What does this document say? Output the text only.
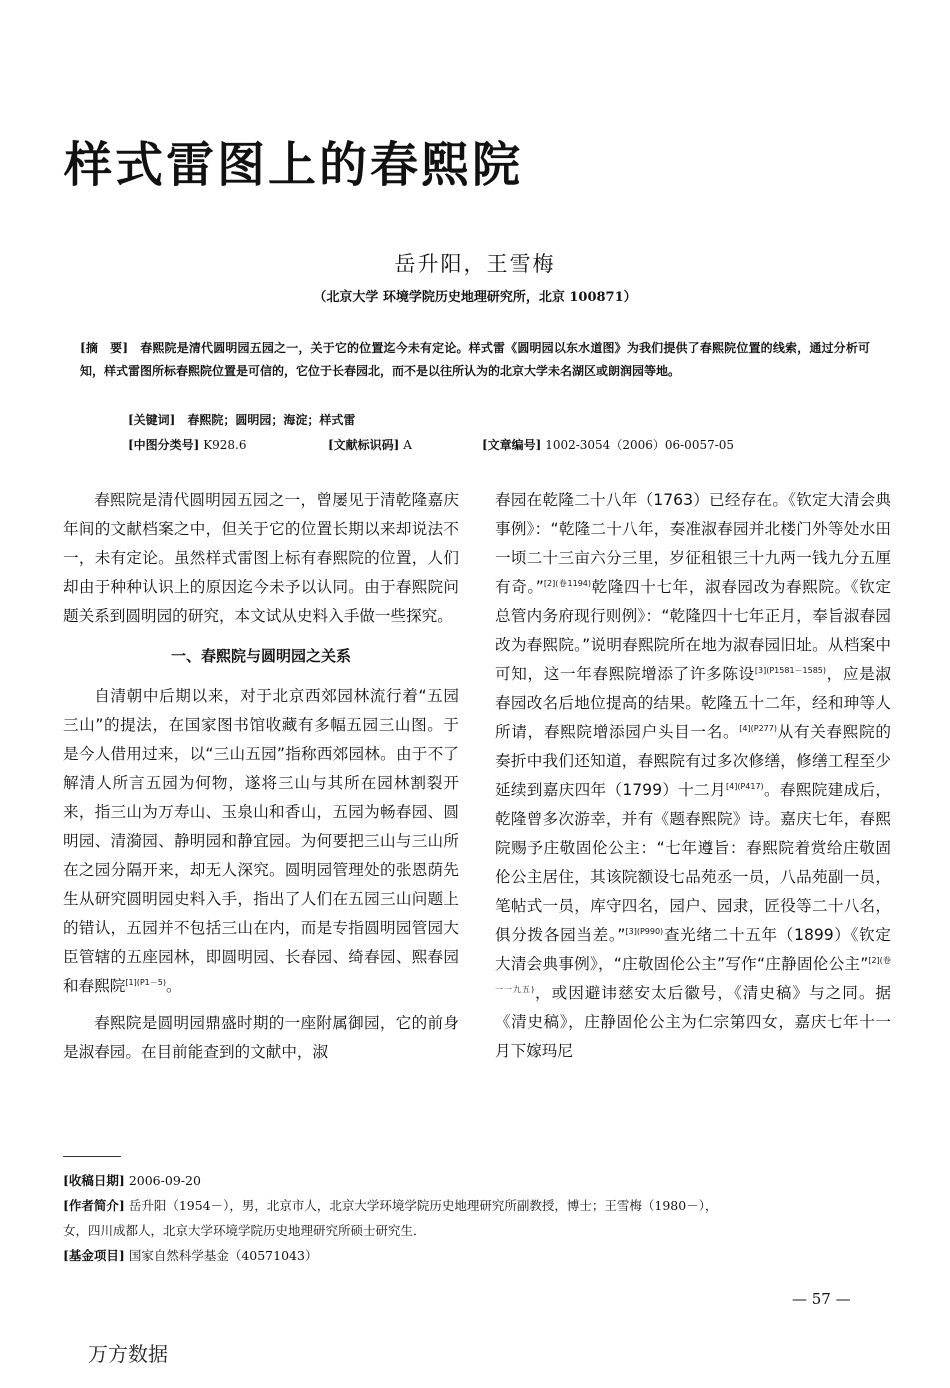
样式雷图上的春熙院
岳升阳，王雪梅
（北京大学 环境学院历史地理研究所，北京 100871）
[摘　要] 春熙院是清代圆明园五园之一，关于它的位置迄今未有定论。样式雷《圆明园以东水道图》为我们提供了春熙院位置的线索，通过分析可知，样式雷图所标春熙院位置是可信的，它位于长春园北，而不是以往所认为的北京大学未名湖区或朗润园等地。
[关键词] 春熙院；圆明园；海淀；样式雷
[中图分类号] K928.6	[文献标识码] A	[文章编号] 1002-3054（2006）06-0057-05

春熙院是清代圆明园五园之一，曾屡见于清乾隆嘉庆年间的文献档案之中，但关于它的位置长期以来却说法不一，未有定论。虽然样式雷图上标有春熙院的位置，人们却由于种种认识上的原因迄今未予以认同。由于春熙院问题关系到圆明园的研究，本文试从史料入手做一些探究。

一、春熙院与圆明园之关系

自清朝中后期以来，对于北京西郊园林流行着“五园三山”的提法，在国家图书馆收藏有多幅五园三山图。于是今人借用过来，以“三山五园”指称西郊园林。由于不了解清人所言五园为何物，遂将三山与其所在园林割裂开来，指三山为万寿山、玉泉山和香山，五园为畅春园、圆明园、清漪园、静明园和静宜园。为何要把三山与三山所在之园分隔开来，却无人深究。圆明园管理处的张恩荫先生从研究圆明园史料入手，指出了人们在五园三山问题上的错认，五园并不包括三山在内，而是专指圆明园管园大臣管辖的五座园林，即圆明园、长春园、绮春园、熙春园和春熙院$^{[1](P1-5)}$。

春熙院是圆明园鼎盛时期的一座附属御园，它的前身是淑春园。在目前能查到的文献中，淑

春园在乾隆二十八年（1763）已经存在。《钦定大清会典事例》：“乾隆二十八年，奏准淑春园并北楼门外等处水田一顷二十三亩六分三里，岁征租银三十九两一钱九分五厘有奇。”$^{[2](卷1194)}$乾隆四十七年，淑春园改为春熙院。《钦定总管内务府现行则例》：“乾隆四十七年正月，奉旨淑春园改为春熙院。”说明春熙院所在地为淑春园旧址。从档案中可知，这一年春熙院增添了许多陈设$^{[3](P1581-1585)}$，应是淑春园改名后地位提高的结果。乾隆五十二年，经和珅等人所请，春熙院增添园户头目一名。$^{[4](P277)}$从有关春熙院的奏折中我们还知道，春熙院有过多次修缮，修缮工程至少延续到嘉庆四年（1799）十二月$^{[4](P417)}$。春熙院建成后，乾隆曾多次游幸，并有《题春熙院》诗。嘉庆七年，春熙院赐予庄敬固伦公主：“七年遵旨：春熙院着赏给庄敬固伦公主居住，其该院额设七品苑丞一员，八品苑副一员，笔帖式一员，库守四名，园户、园隶，匠役等二十八名，俱分拨各园当差。”$^{[3](P990)}$查光绪二十五年（1899）《钦定大清会典事例》，“庄敬固伦公主”写作“庄静固伦公主”$^{[2](卷一一九五)}$，或因避讳慈安太后徽号，《清史稿》与之同。据《清史稿》，庄静固伦公主为仁宗第四女，嘉庆七年十一月下嫁玛尼

[收稿日期] 2006-09-20
[作者简介] 岳升阳（1954－），男，北京市人，北京大学环境学院历史地理研究所副教授，博士；王雪梅（1980－），
女，四川成都人，北京大学环境学院历史地理研究所硕士研究生．
[基金项目] 国家自然科学基金（40571043）
— 57 —
万方数据
